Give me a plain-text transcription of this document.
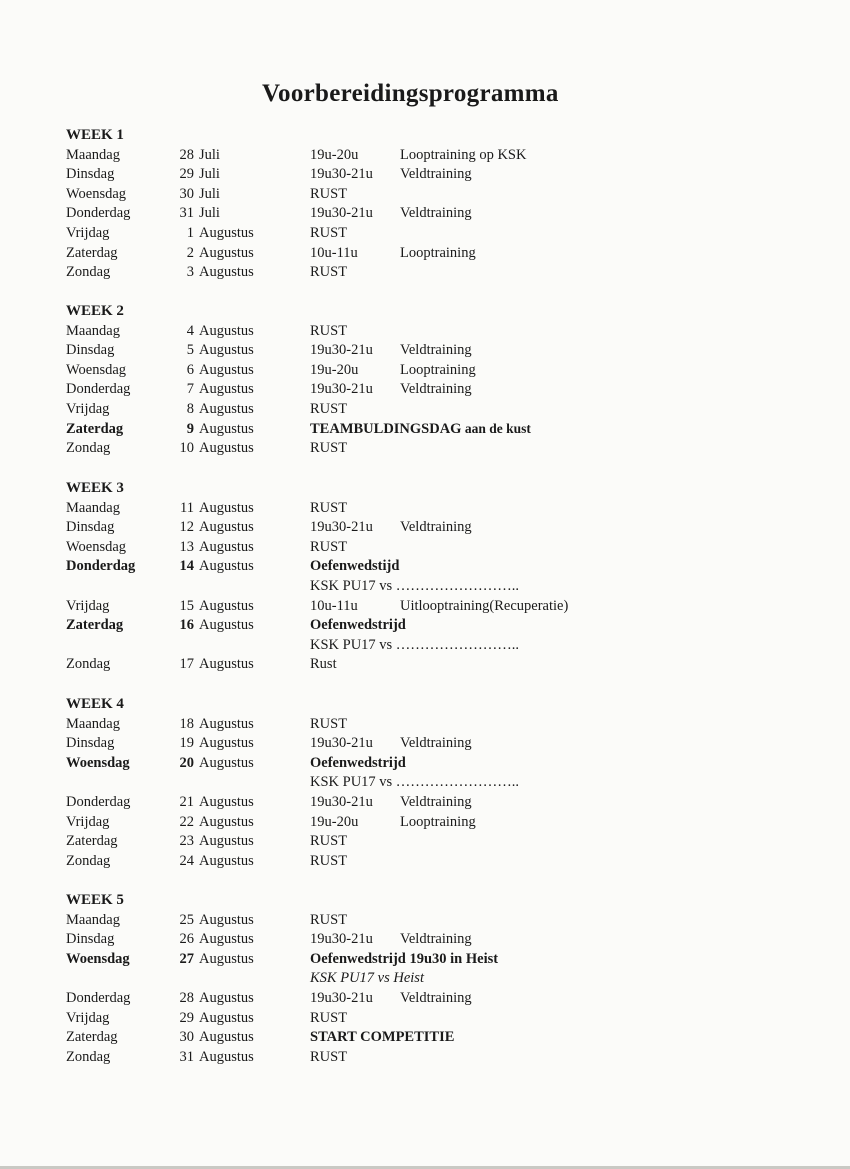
Voorbereidingsprogramma
WEEK 1
Maandag	28 Juli	19u-20u	Looptraining op KSK
Dinsdag	29 Juli	19u30-21u Veldtraining
Woensdag	30 Juli	RUST
Donderdag	31 Juli	19u30-21u Veldtraining
Vrijdag	1 Augustus	RUST
Zaterdag	2 Augustus	10u-11u	Looptraining
Zondag	3 Augustus	RUST
WEEK 2
Maandag	4 Augustus	RUST
Dinsdag	5 Augustus	19u30-21u Veldtraining
Woensdag	6 Augustus	19u-20u	Looptraining
Donderdag	7 Augustus	19u30-21u Veldtraining
Vrijdag	8 Augustus	RUST
Zaterdag	9 Augustus	TEAMBULDINGSDAG aan de kust
Zondag	10 Augustus	RUST
WEEK 3
Maandag	11 Augustus	RUST
Dinsdag	12 Augustus	19u30-21u Veldtraining
Woensdag	13 Augustus	RUST
Donderdag	14 Augustus	Oefenwedstijd
KSK PU17 vs ……………………..
Vrijdag	15 Augustus	10u-11u	Uitlooptraining(Recuperatie)
Zaterdag	16 Augustus	Oefenwedstrijd
KSK PU17 vs ……………………..
Zondag	17 Augustus	Rust
WEEK 4
Maandag	18 Augustus	RUST
Dinsdag	19 Augustus	19u30-21u Veldtraining
Woensdag	20 Augustus	Oefenwedstrijd
KSK PU17 vs ……………………..
Donderdag	21 Augustus	19u30-21u Veldtraining
Vrijdag	22 Augustus	19u-20u	Looptraining
Zaterdag	23 Augustus	RUST
Zondag	24 Augustus	RUST
WEEK 5
Maandag	25 Augustus	RUST
Dinsdag	26 Augustus	19u30-21u Veldtraining
Woensdag	27 Augustus	Oefenwedstrijd 19u30 in Heist
KSK PU17 vs Heist
Donderdag	28 Augustus	19u30-21u Veldtraining
Vrijdag	29 Augustus	RUST
Zaterdag	30 Augustus	START COMPETITIE
Zondag	31 Augustus	RUST
